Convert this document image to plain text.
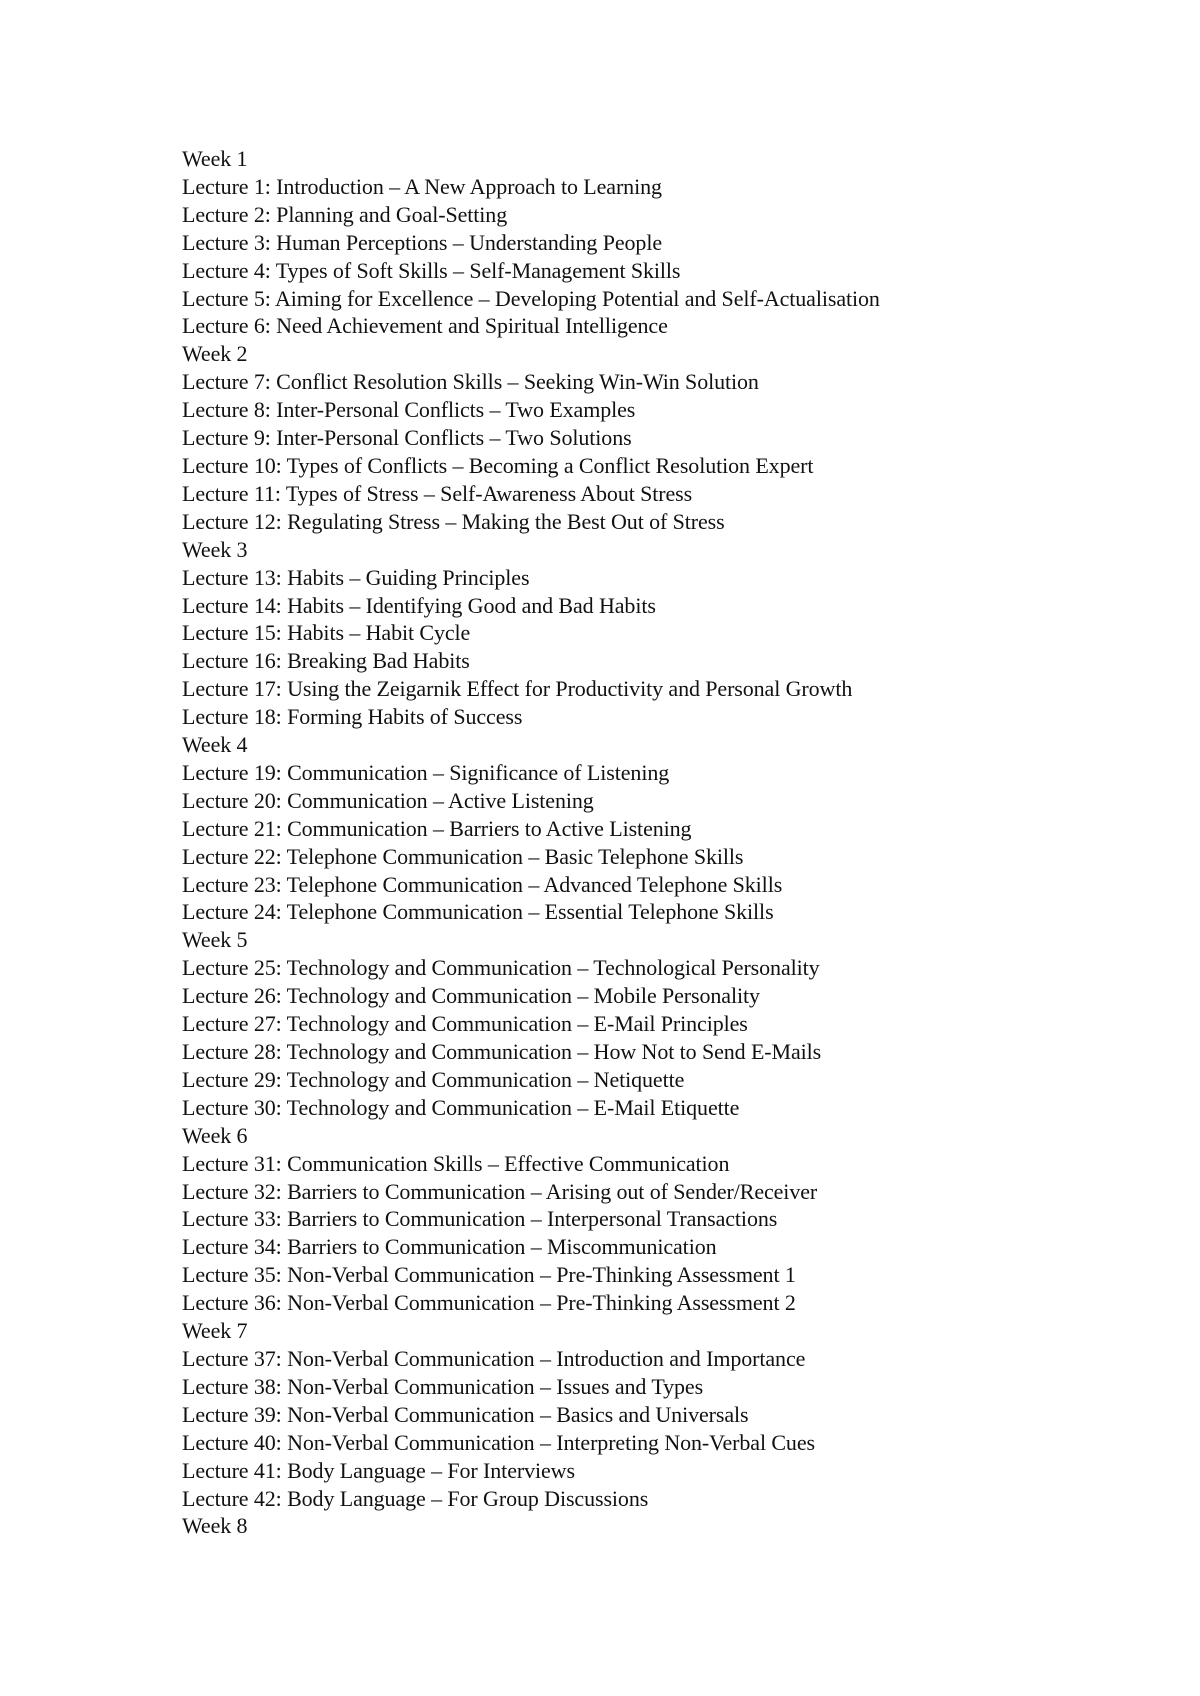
Week 1
Lecture 1: Introduction – A New Approach to Learning
Lecture 2: Planning and Goal-Setting
Lecture 3: Human Perceptions – Understanding People
Lecture 4: Types of Soft Skills – Self-Management Skills
Lecture 5: Aiming for Excellence – Developing Potential and Self-Actualisation
Lecture 6: Need Achievement and Spiritual Intelligence
Week 2
Lecture 7: Conflict Resolution Skills – Seeking Win-Win Solution
Lecture 8: Inter-Personal Conflicts – Two Examples
Lecture 9: Inter-Personal Conflicts – Two Solutions
Lecture 10: Types of Conflicts – Becoming a Conflict Resolution Expert
Lecture 11: Types of Stress – Self-Awareness About Stress
Lecture 12: Regulating Stress – Making the Best Out of Stress
Week 3
Lecture 13: Habits – Guiding Principles
Lecture 14: Habits – Identifying Good and Bad Habits
Lecture 15: Habits – Habit Cycle
Lecture 16: Breaking Bad Habits
Lecture 17: Using the Zeigarnik Effect for Productivity and Personal Growth
Lecture 18: Forming Habits of Success
Week 4
Lecture 19: Communication – Significance of Listening
Lecture 20: Communication – Active Listening
Lecture 21: Communication – Barriers to Active Listening
Lecture 22: Telephone Communication – Basic Telephone Skills
Lecture 23: Telephone Communication – Advanced Telephone Skills
Lecture 24: Telephone Communication – Essential Telephone Skills
Week 5
Lecture 25: Technology and Communication – Technological Personality
Lecture 26: Technology and Communication – Mobile Personality
Lecture 27: Technology and Communication – E-Mail Principles
Lecture 28: Technology and Communication – How Not to Send E-Mails
Lecture 29: Technology and Communication – Netiquette
Lecture 30: Technology and Communication – E-Mail Etiquette
Week 6
Lecture 31: Communication Skills – Effective Communication
Lecture 32: Barriers to Communication – Arising out of Sender/Receiver
Lecture 33: Barriers to Communication – Interpersonal Transactions
Lecture 34: Barriers to Communication – Miscommunication
Lecture 35: Non-Verbal Communication – Pre-Thinking Assessment 1
Lecture 36: Non-Verbal Communication – Pre-Thinking Assessment 2
Week 7
Lecture 37: Non-Verbal Communication – Introduction and Importance
Lecture 38: Non-Verbal Communication – Issues and Types
Lecture 39: Non-Verbal Communication – Basics and Universals
Lecture 40: Non-Verbal Communication – Interpreting Non-Verbal Cues
Lecture 41: Body Language – For Interviews
Lecture 42: Body Language – For Group Discussions
Week 8
